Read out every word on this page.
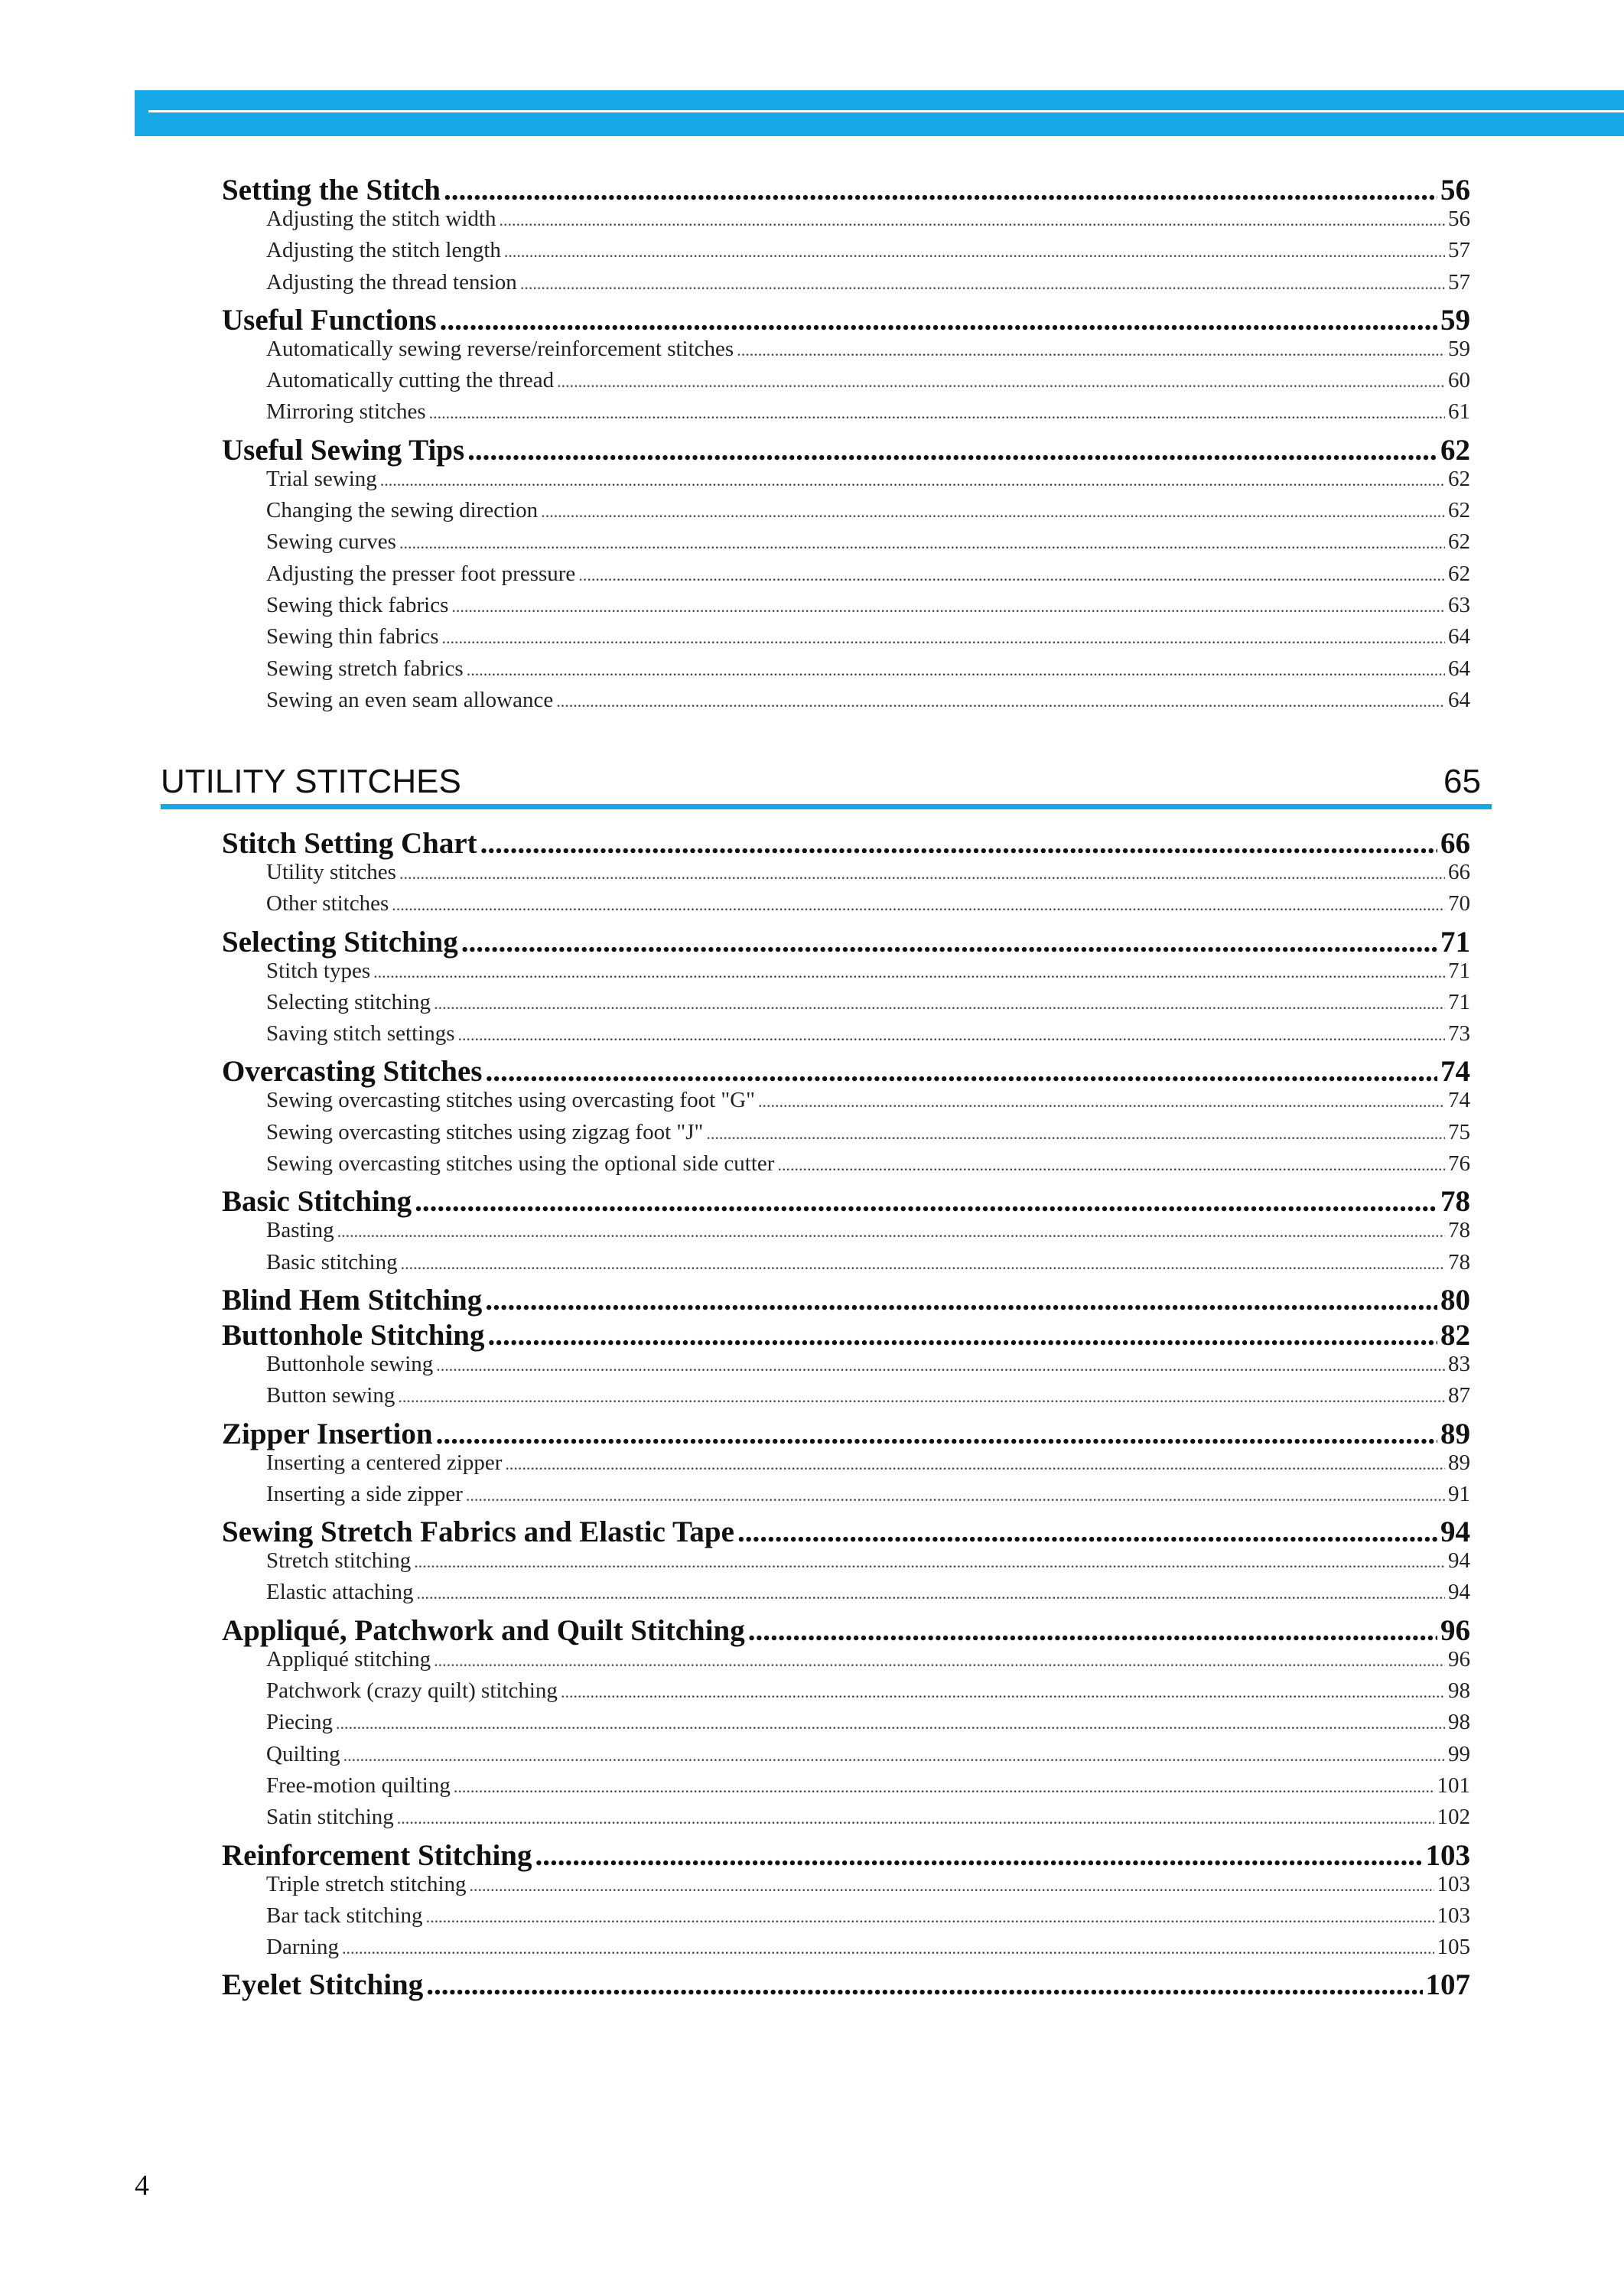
Setting the Stitch .....	56
Adjusting the stitch width .....	56
Adjusting the stitch length .....	57
Adjusting the thread tension .....	57
Useful Functions .....	59
Automatically sewing reverse/reinforcement stitches .....	59
Automatically cutting the thread .....	60
Mirroring stitches .....	61
Useful Sewing Tips .....	62
Trial sewing .....	62
Changing the sewing direction .....	62
Sewing curves .....	62
Adjusting the presser foot pressure .....	62
Sewing thick fabrics .....	63
Sewing thin fabrics .....	64
Sewing stretch fabrics .....	64
Sewing an even seam allowance .....	64
UTILITY STITCHES	65
Stitch Setting Chart .....	66
Utility stitches .....	66
Other stitches .....	70
Selecting Stitching .....	71
Stitch types .....	71
Selecting stitching .....	71
Saving stitch settings .....	73
Overcasting Stitches .....	74
Sewing overcasting stitches using overcasting foot "G" .....	74
Sewing overcasting stitches using zigzag foot "J" .....	75
Sewing overcasting stitches using the optional side cutter .....	76
Basic Stitching .....	78
Basting .....	78
Basic stitching .....	78
Blind Hem Stitching .....	80
Buttonhole Stitching .....	82
Buttonhole sewing .....	83
Button sewing .....	87
Zipper Insertion .....	89
Inserting a centered zipper .....	89
Inserting a side zipper .....	91
Sewing Stretch Fabrics and Elastic Tape .....	94
Stretch stitching .....	94
Elastic attaching .....	94
Appliqué, Patchwork and Quilt Stitching .....	96
Appliqué stitching .....	96
Patchwork (crazy quilt) stitching .....	98
Piecing .....	98
Quilting .....	99
Free-motion quilting .....	101
Satin stitching .....	102
Reinforcement Stitching .....	103
Triple stretch stitching .....	103
Bar tack stitching .....	103
Darning .....	105
Eyelet Stitching .....	107
4
